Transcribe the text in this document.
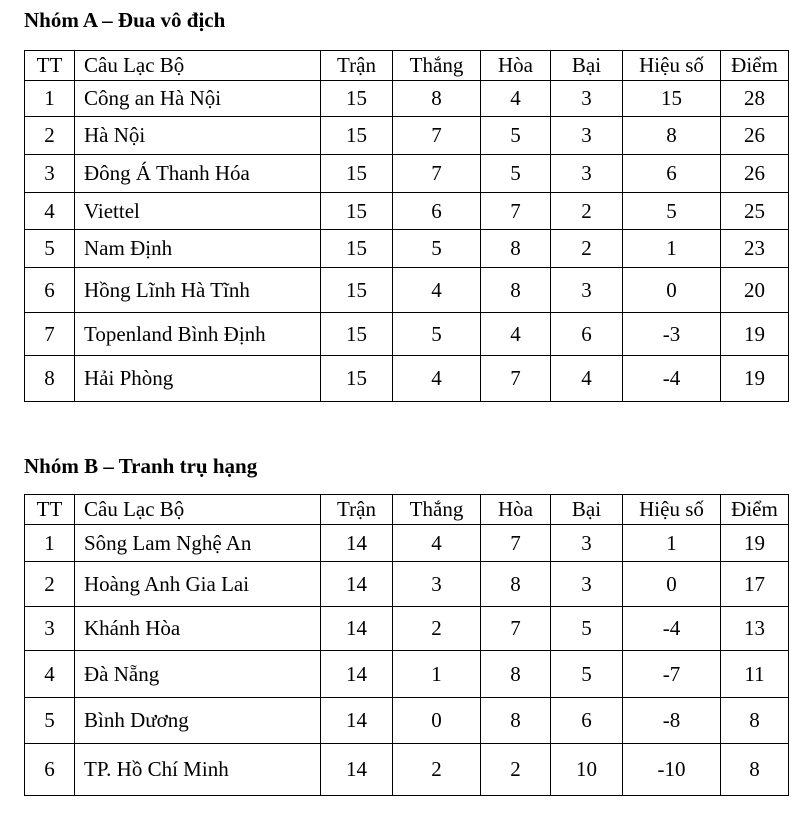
Nhóm A – Đua vô địch
TT	Câu Lạc Bộ	Trận	Thắng	Hòa	Bại	Hiệu số	Điểm
1	Công an Hà Nội	15	8	4	3	15	28
2	Hà Nội	15	7	5	3	8	26
3	Đông Á Thanh Hóa	15	7	5	3	6	26
4	Viettel	15	6	7	2	5	25
5	Nam Định	15	5	8	2	1	23
6	Hồng Lĩnh Hà Tĩnh	15	4	8	3	0	20
7	Topenland Bình Định	15	5	4	6	-3	19
8	Hải Phòng	15	4	7	4	-4	19
Nhóm B – Tranh trụ hạng
TT	Câu Lạc Bộ	Trận	Thắng	Hòa	Bại	Hiệu số	Điểm
1	Sông Lam Nghệ An	14	4	7	3	1	19
2	Hoàng Anh Gia Lai	14	3	8	3	0	17
3	Khánh Hòa	14	2	7	5	-4	13
4	Đà Nẵng	14	1	8	5	-7	11
5	Bình Dương	14	0	8	6	-8	8
6	TP. Hồ Chí Minh	14	2	2	10	-10	8
